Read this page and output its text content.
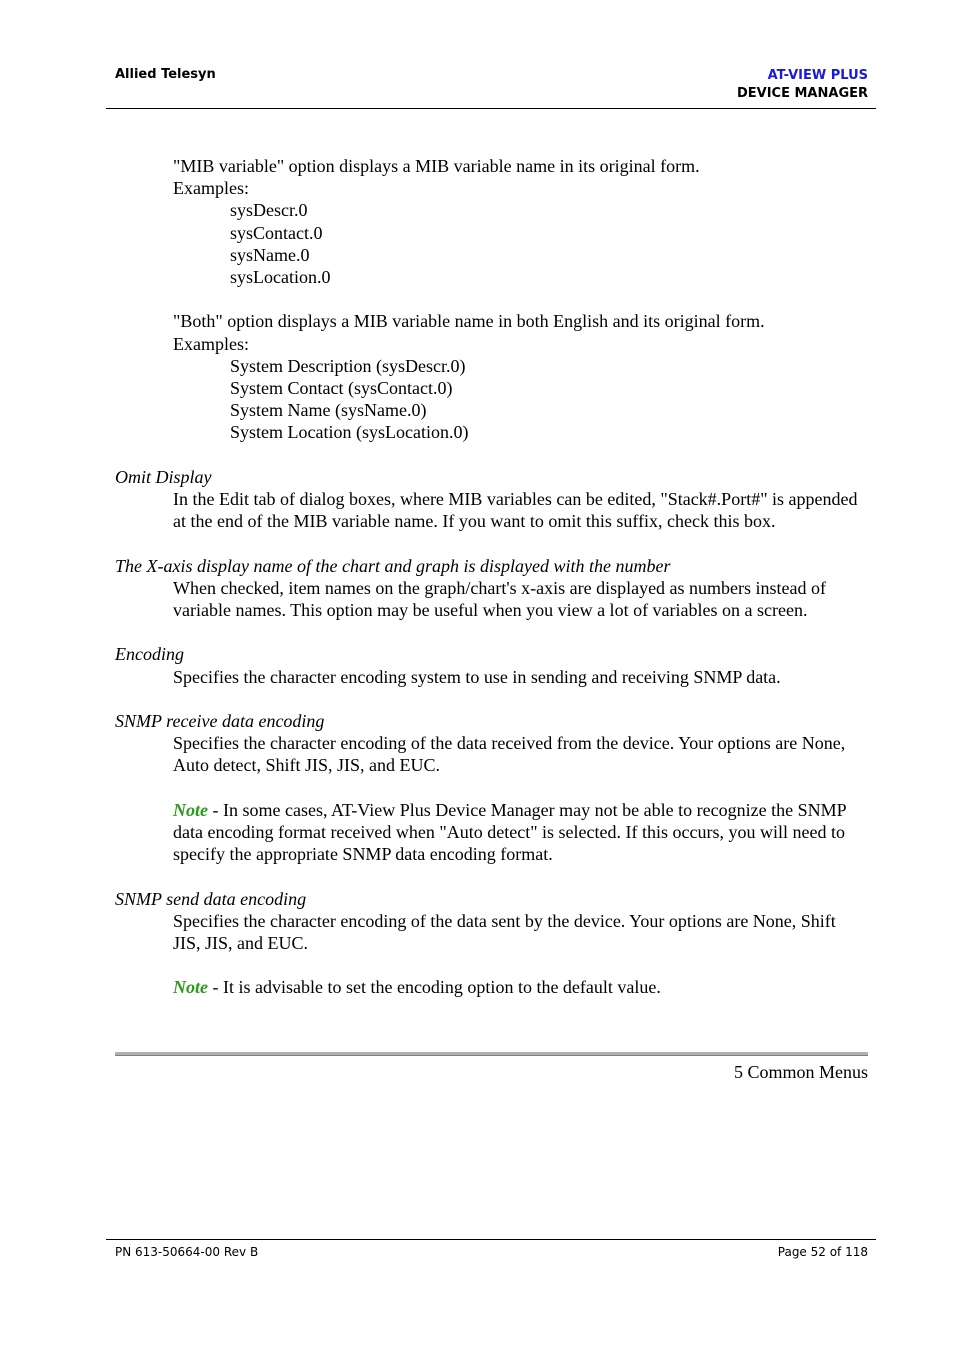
Allied Telesyn	AT-VIEW PLUS
DEVICE MANAGER
"MIB variable" option displays a MIB variable name in its original form.
Examples:
sysDescr.0
sysContact.0
sysName.0
sysLocation.0
"Both" option displays a MIB variable name in both English and its original form.
Examples:
System Description (sysDescr.0)
System Contact (sysContact.0)
System Name (sysName.0)
System Location (sysLocation.0)
Omit Display
In the Edit tab of dialog boxes, where MIB variables can be edited, "Stack#.Port#" is appended at the end of the MIB variable name. If you want to omit this suffix, check this box.
The X-axis display name of the chart and graph is displayed with the number
When checked, item names on the graph/chart's x-axis are displayed as numbers instead of variable names. This option may be useful when you view a lot of variables on a screen.
Encoding
Specifies the character encoding system to use in sending and receiving SNMP data.
SNMP receive data encoding
Specifies the character encoding of the data received from the device. Your options are None, Auto detect, Shift JIS, JIS, and EUC.
Note - In some cases, AT-View Plus Device Manager may not be able to recognize the SNMP data encoding format received when "Auto detect" is selected. If this occurs, you will need to specify the appropriate SNMP data encoding format.
SNMP send data encoding
Specifies the character encoding of the data sent by the device. Your options are None, Shift JIS, JIS, and EUC.
Note - It is advisable to set the encoding option to the default value.
5 Common Menus
PN 613-50664-00 Rev B	Page 52 of 118
